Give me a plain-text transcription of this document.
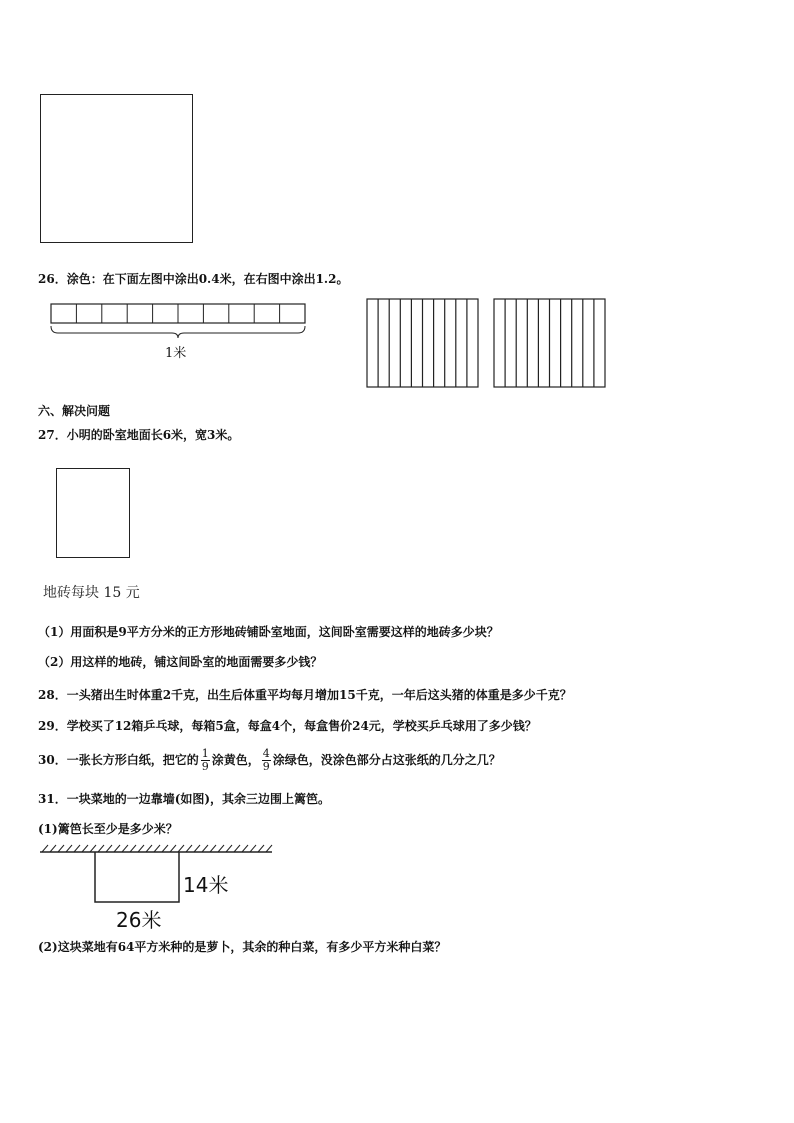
26．涂色：在下面左图中涂出0.4米，在右图中涂出1.2。
1米
六、解决问题
27．小明的卧室地面长6米，宽3米。
地砖每块 15 元
（1）用面积是9平方分米的正方形地砖铺卧室地面，这间卧室需要这样的地砖多少块？
（2）用这样的地砖，铺这间卧室的地面需要多少钱？
28．一头猪出生时体重2千克，出生后体重平均每月增加15千克，一年后这头猪的体重是多少千克？
29．学校买了12箱乒乓球，每箱5盒，每盒4个，每盒售价24元，学校买乒乓球用了多少钱？
30．一张长方形白纸，把它的 $\frac{1}{9}$ 涂黄色， $\frac{4}{9}$ 涂绿色，没涂色部分占这张纸的几分之几？
31．一块菜地的一边靠墙(如图)，其余三边围上篱笆。
(1)篱笆长至少是多少米？
14米
26米
(2)这块菜地有64平方米种的是萝卜，其余的种白菜，有多少平方米种白菜？
